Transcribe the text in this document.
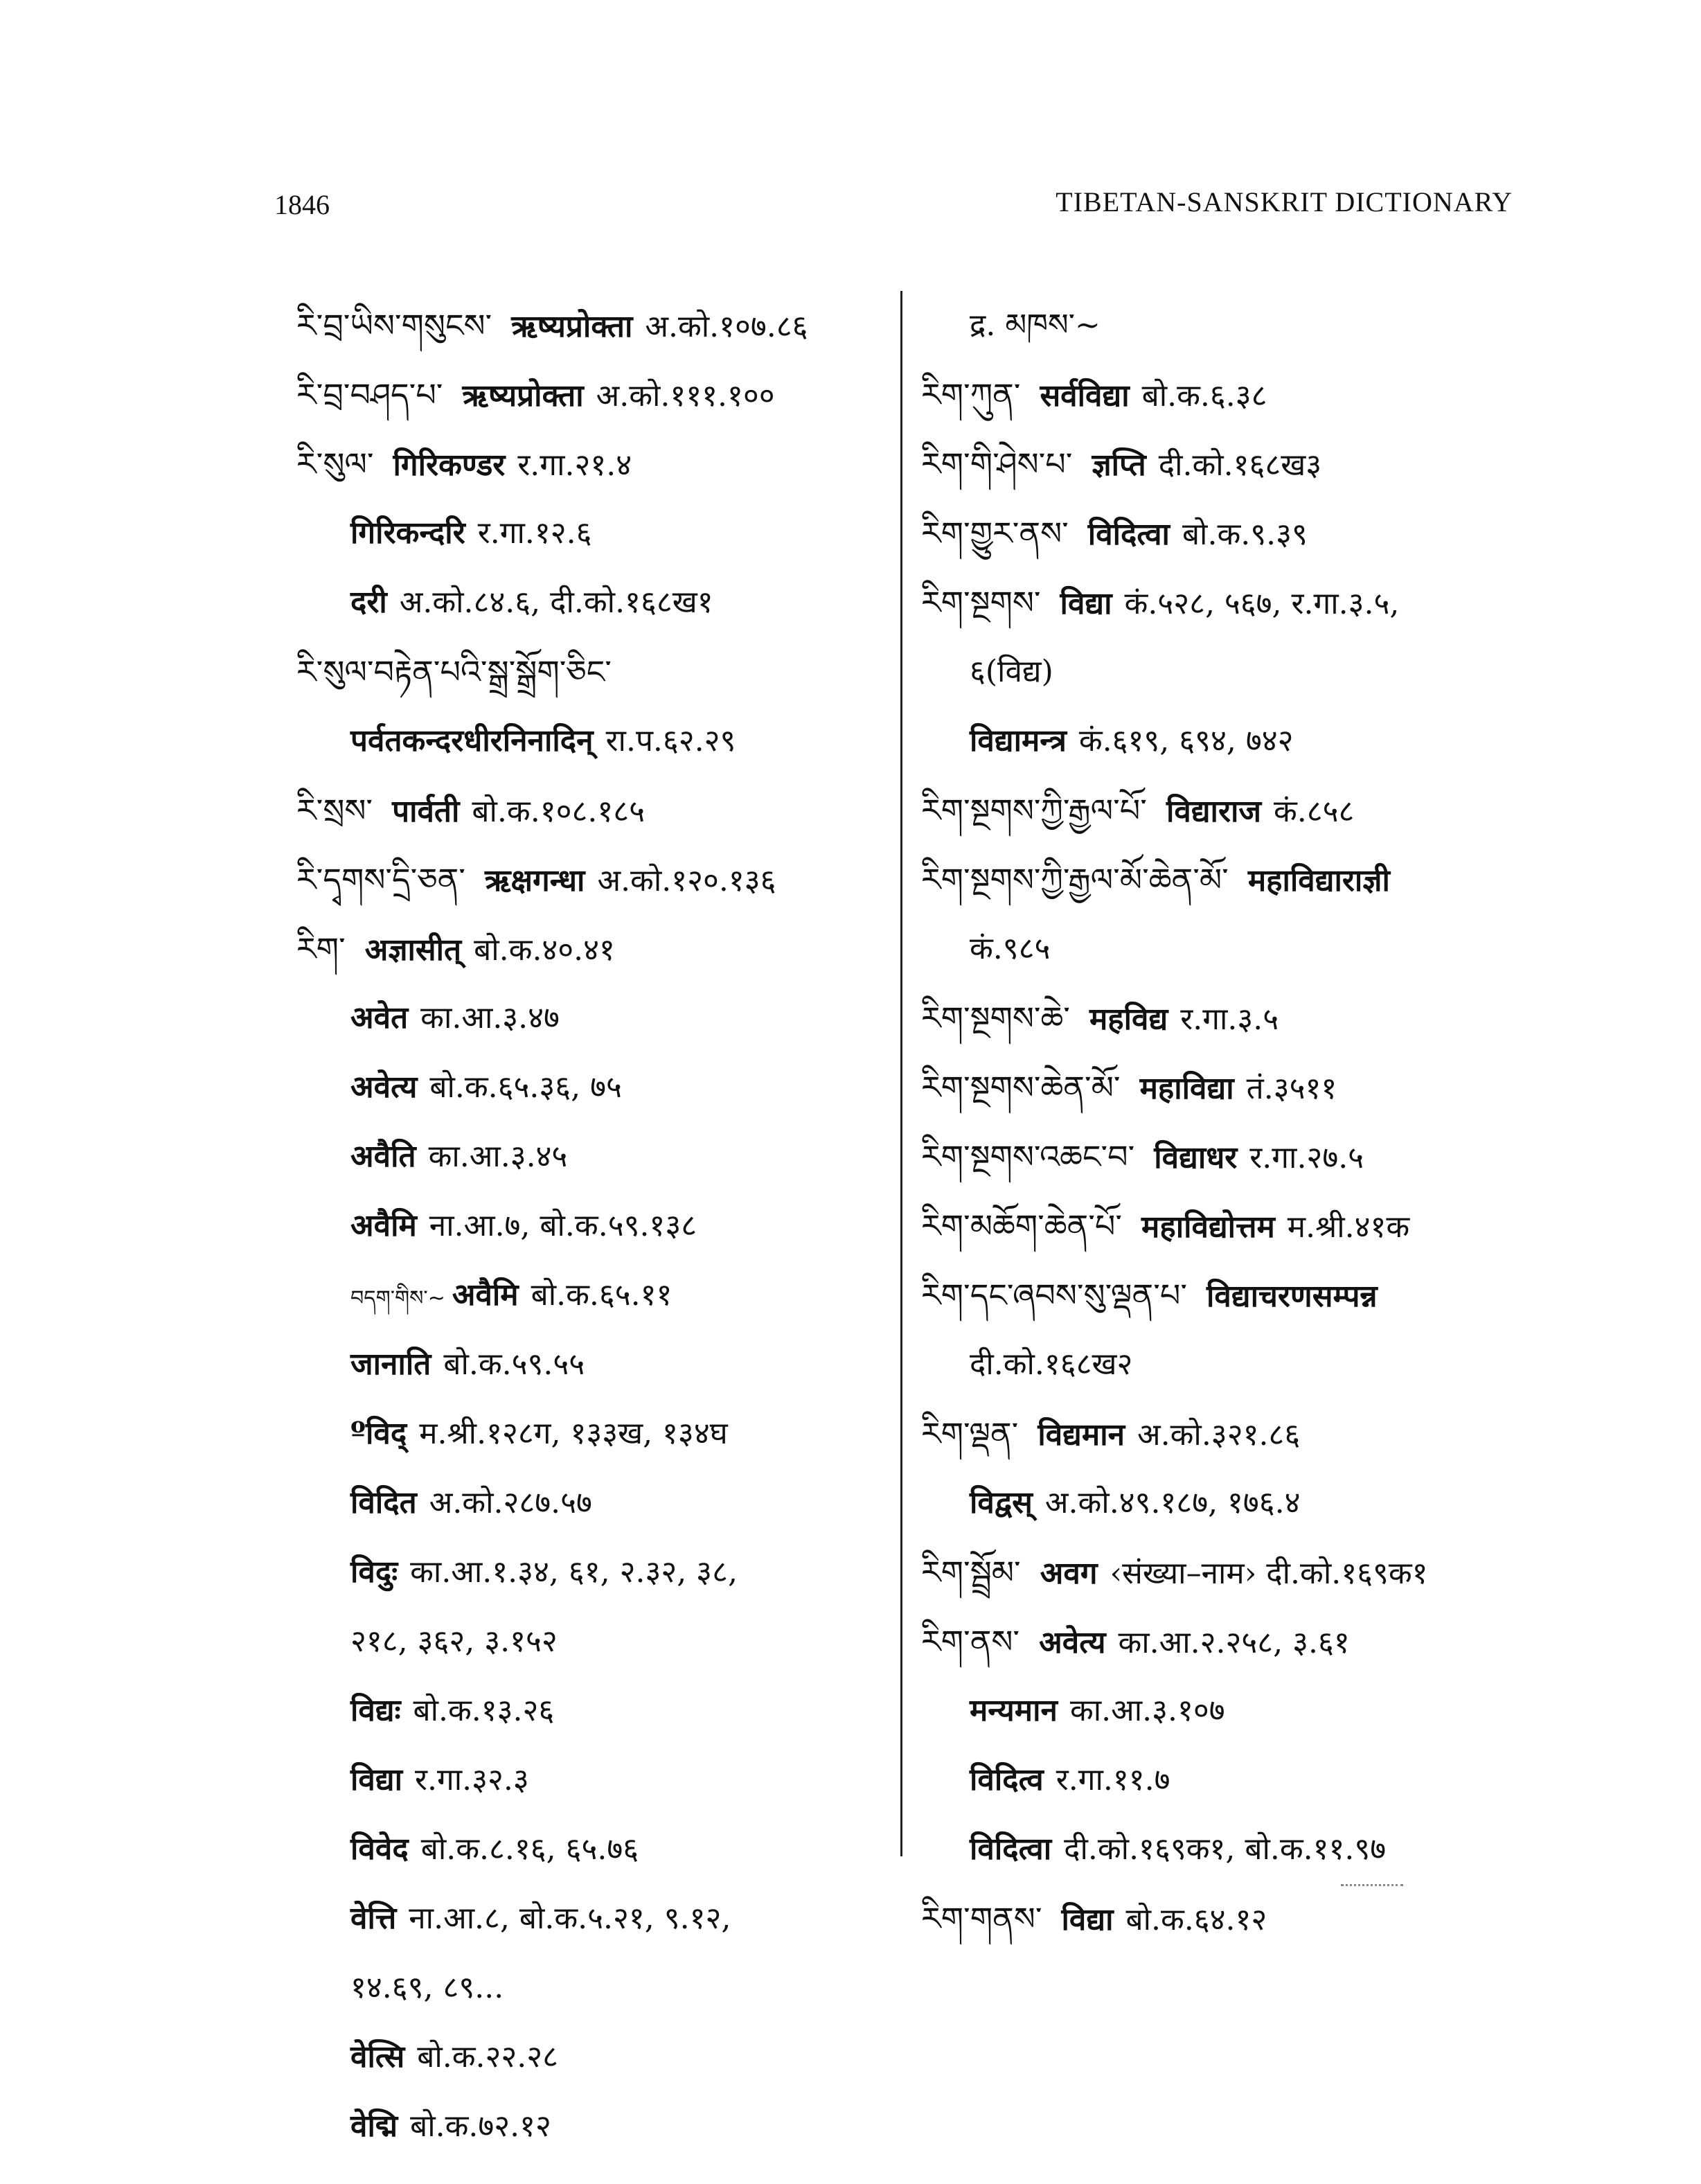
1846	TIBETAN-SANSKRIT DICTIONARY
རི་བྲ་ཡིས་གསུངས་ ऋष्यप्रोक्ता अ.को.१०७.८६
རི་བྲ་བཤད་པ་ ऋष्यप्रोक्ता अ.को.१११.१००
རི་སུལ་ गिरिकण्डर र.गा.२१.४
गिरिकन्दरि र.गा.१२.६
दरी अ.को.८४.६, दी.को.१६८ख१
རི་སུལ་བརྟེན་པའི་སྒྲ་སྒྲོག་ཅིང་
पर्वतकन्दरधीरनिनादिन् रा.प.६२.२९
རི་སྲས་ पार्वती बो.क.१०८.१८५
རི་དྭགས་དྲི་ཅན་ ऋक्षगन्धा अ.को.१२०.१३६
རིག་ अज्ञासीत् बो.क.४०.४१
अवेत का.आ.३.४७
अवेत्य बो.क.६५.३६, ७५
अवैति का.आ.३.४५
अवैमि ना.आ.७, बो.क.५९.१३८
བདག་གིས་~ अवैमि बो.क.६५.११
जानाति बो.क.५९.५५
ºविद् म.श्री.१२८ग, १३३ख, १३४घ
विदित अ.को.२८७.५७
विदुः का.आ.१.३४, ६१, २.३२, ३८,
२१८, ३६२, ३.१५२
विद्यः बो.क.१३.२६
विद्या र.गा.३२.३
विवेद बो.क.८.१६, ६५.७६
वेत्ति ना.आ.८, बो.क.५.२१, ९.१२,
१४.६९, ८९...
वेत्सि बो.क.२२.२८
वेद्मि बो.क.७२.१२
द्र. མཁས་~
རིག་ཀུན་ सर्वविद्या बो.क.६.३८
རིག་གི་ཤེས་པ་ ज्ञप्ति दी.को.१६८ख३
རིག་གྱུར་ནས་ विदित्वा बो.क.९.३९
རིག་སྔགས་ विद्या कं.५२८, ५६७, र.गा.३.५,
६(विद्य)
विद्यामन्त्र कं.६१९, ६९४, ७४२
རིག་སྔགས་ཀྱི་རྒྱལ་པོ་ विद्याराज कं.८५८
རིག་སྔགས་ཀྱི་རྒྱལ་མོ་ཆེན་མོ་ महाविद्याराज्ञी
कं.९८५
རིག་སྔགས་ཆེ་ महविद्य र.गा.३.५
རིག་སྔགས་ཆེན་མོ་ महाविद्या तं.३५११
རིག་སྔགས་འཆང་བ་ विद्याधर र.गा.२७.५
རིག་མཆོག་ཆེན་པོ་ महाविद्योत्तम म.श्री.४१क
རིག་དང་ཞབས་སུ་ལྡན་པ་ विद्याचरणसम्पन्न
दी.को.१६८ख२
རིག་ལྡན་ विद्यमान अ.को.३२१.८६
विद्वस् अ.को.४९.१८७, १७६.४
རིག་སྦྲོམ་ अवग ‹संख्या–नाम› दी.को.१६९क१
རིག་ནས་ अवेत्य का.आ.२.२५८, ३.६१
मन्यमान का.आ.३.१०७
विदित्व र.गा.११.७
विदित्वा दी.को.१६९क१, बो.क.११.९७
རིག་གནས་ विद्या बो.क.६४.१२
